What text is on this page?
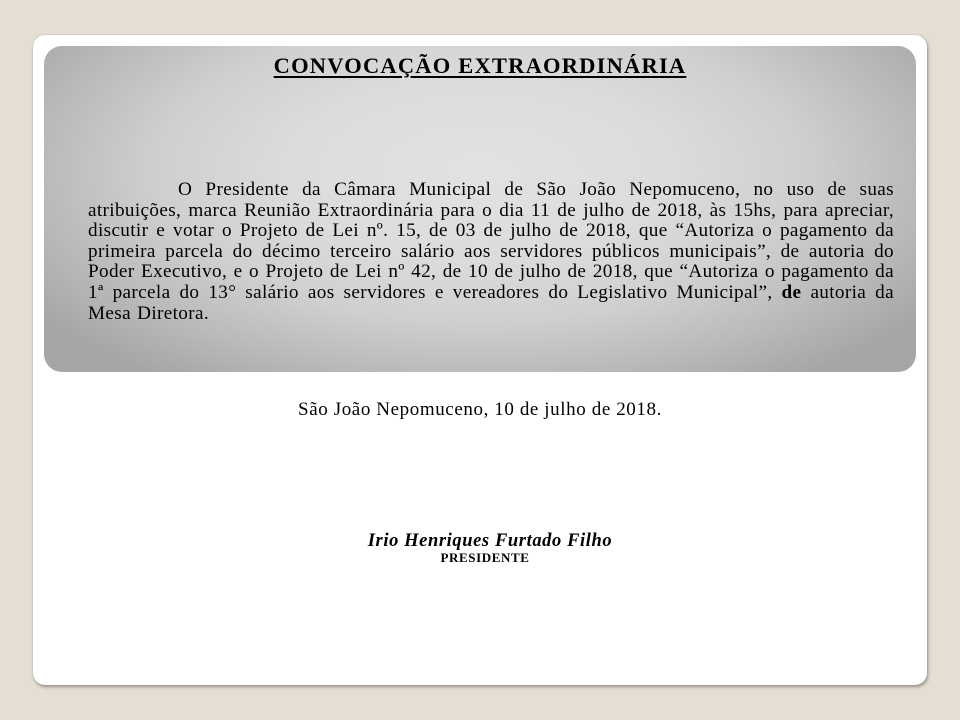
CONVOCAÇÃO EXTRAORDINÁRIA
O Presidente da Câmara Municipal de São João Nepomuceno, no uso de suas atribuições, marca Reunião Extraordinária para o dia 11 de julho de 2018, às 15hs, para apreciar, discutir e votar o Projeto de Lei nº. 15, de 03 de julho de 2018, que “Autoriza o pagamento da primeira parcela do décimo terceiro salário aos servidores públicos municipais”, de autoria do Poder Executivo, e o Projeto de Lei nº 42, de 10 de julho de 2018, que “Autoriza o pagamento da 1ª parcela do 13° salário aos servidores e vereadores do Legislativo Municipal”, de autoria da Mesa Diretora.
São João Nepomuceno, 10 de julho de 2018.
Irio Henriques Furtado Filho
PRESIDENTE
